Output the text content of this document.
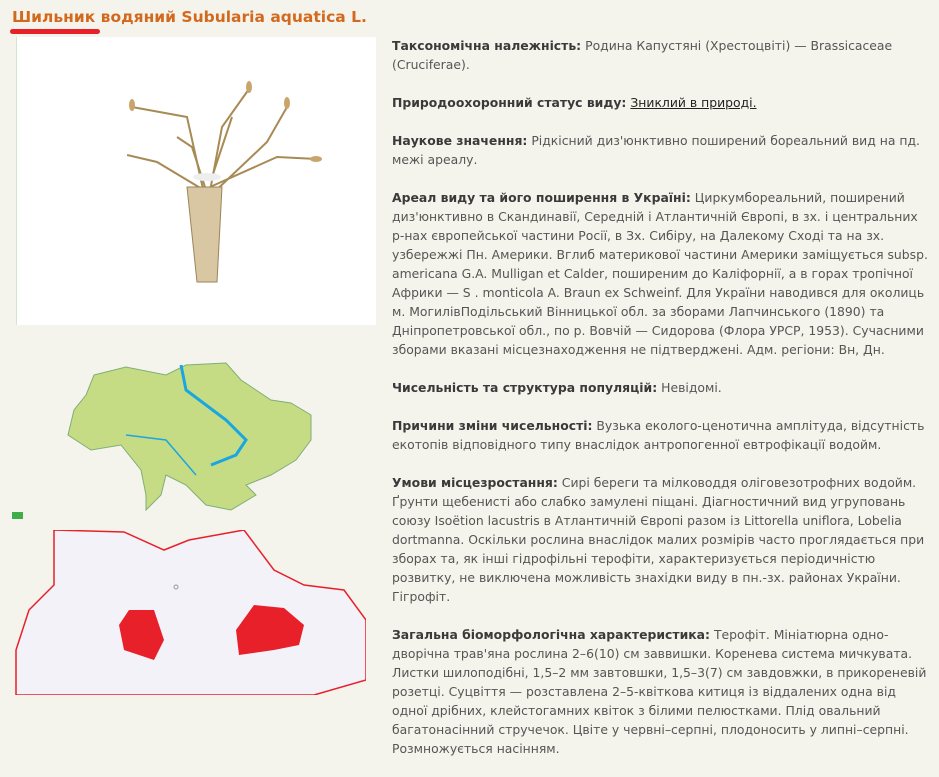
Шильник водяний Subularia aquatica L.

Таксономічна належність: Родина Капустяні (Хрестоцвіті) — Brassicaceae (Cruciferae).

Природоохоронний статус виду: Зниклий в природі.

Наукове значення: Рідкісний диз'юнктивно поширений бореальний вид на пд. межі ареалу.

Ареал виду та його поширення в Україні: Циркумбореальний, поширений диз'юнктивно в Скандинавії, Середній і Атлантичній Європі, в зх. і центральних р-нах європейської частини Росії, в Зх. Сибіру, на Далекому Сході та на зх. узбережжі Пн. Америки. Вглиб материкової частини Америки заміщується subsp. americana G.A. Mulligan et Calder, поширеним до Каліфорнії, а в горах тропічної Африки — S . monticola A. Braun ex Schweinf. Для України наводився для околиць м. МогилівПодільський Вінницької обл. за зборами Лапчинського (1890) та Дніпропетровської обл., по р. Вовчій — Сидорова (Флора УРСР, 1953). Сучасними зборами вказані місцезнаходження не підтверджені. Адм. регіони: Вн, Дн.

Чисельність та структура популяцій: Невідомі.

Причини зміни чисельності: Вузька еколого-ценотична амплітуда, відсутність екотопів відповідного типу внаслідок антропогенної евтрофікації водойм.

Умови місцезростання: Сирі береги та мілководдя оліговезотрофних водойм. Ґрунти щебенисті або слабко замулені піщані. Діагностичний вид угруповань союзу Isoëtion lacustris в Атлантичній Європі разом із Littorella uniflora, Lobelia dortmanna. Оскільки рослина внаслідок малих розмірів часто проглядається при зборах та, як інші гідрофільні терофіти, характеризується періодичністю розвитку, не виключена можливість знахідки виду в пн.-зх. районах України. Гігрофіт.

Загальна біоморфологічна характеристика: Терофіт. Мініатюрна одно-дворічна трав'яна рослина 2–6(10) см заввишки. Коренева система мичкувата. Листки шилоподібні, 1,5–2 мм завтовшки, 1,5–3(7) см завдовжки, в прикореневій розетці. Суцвіття — розставлена 2–5-квіткова китиця із віддалених одна від одної дрібних, клейстогамних квіток з білими пелюстками. Плід овальний багатонасінний стручечок. Цвіте у червні–серпні, плодоносить у липні–серпні. Розмножується насінням.
